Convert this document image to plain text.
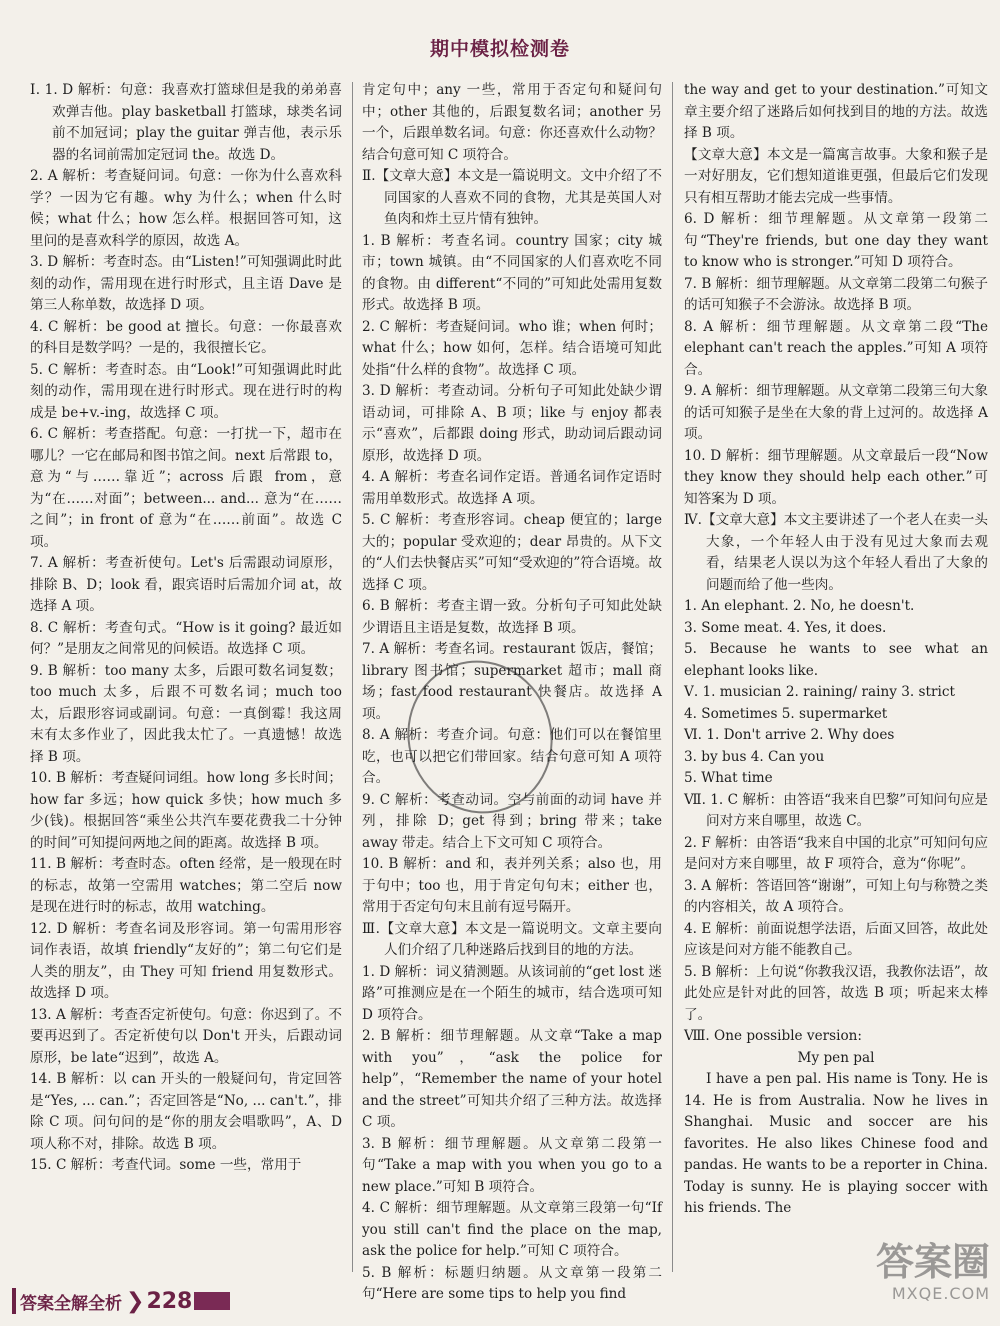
期中模拟检测卷

Ⅰ. 1. D 解析：句意：我喜欢打篮球但是我的弟弟喜欢弹吉他。play basketball 打篮球，球类名词前不加冠词；play the guitar 弹吉他，表示乐器的名词前需加定冠词 the。故选 D。

2. A 解析：考查疑问词。句意：一你为什么喜欢科学？一因为它有趣。why 为什么；when 什么时候；what 什么；how 怎么样。根据回答可知，这里问的是喜欢科学的原因，故选 A。

3. D 解析：考查时态。由“Listen!”可知强调此时此刻的动作，需用现在进行时形式，且主语 Dave 是第三人称单数，故选择 D 项。

4. C 解析：be good at 擅长。句意：一你最喜欢的科目是数学吗？一是的，我很擅长它。

5. C 解析：考查时态。由“Look!”可知强调此时此刻的动作，需用现在进行时形式。现在进行时的构成是 be+v.-ing，故选择 C 项。

6. C 解析：考查搭配。句意：一打扰一下，超市在哪儿？一它在邮局和图书馆之间。next 后常跟 to，意为“与……靠近”；across 后跟 from，意为“在……对面”；between... and... 意为“在……之间”；in front of 意为“在……前面”。故选 C 项。

7. A 解析：考查祈使句。Let's 后需跟动词原形，排除 B、D；look 看，跟宾语时后需加介词 at，故选择 A 项。

8. C 解析：考查句式。“How is it going? 最近如何？”是朋友之间常见的问候语。故选择 C 项。

9. B 解析：too many 太多，后跟可数名词复数；too much 太多，后跟不可数名词；much too 太，后跟形容词或副词。句意：一真倒霉！我这周末有太多作业了，因此我太忙了。一真遗憾！故选择 B 项。

10. B 解析：考查疑问词组。how long 多长时间；how far 多远；how quick 多快；how much 多少(钱)。根据回答“乘坐公共汽车要花费我二十分钟的时间”可知提问两地之间的距离。故选择 B 项。

11. B 解析：考查时态。often 经常，是一般现在时的标志，故第一空需用 watches；第二空后 now 是现在进行时的标志，故用 watching。

12. D 解析：考查名词及形容词。第一句需用形容词作表语，故填 friendly“友好的”；第二句它们是人类的朋友”，由 They 可知 friend 用复数形式。故选择 D 项。

13. A 解析：考查否定祈使句。句意：你迟到了。不要再迟到了。否定祈使句以 Don't 开头，后跟动词原形，be late“迟到”，故选 A。

14. B 解析：以 can 开头的一般疑问句，肯定回答是“Yes, ... can.”；否定回答是“No, ... can't.”，排除 C 项。问句问的是“你的朋友会唱歌吗”，A、D 项人称不对，排除。故选 B 项。

15. C 解析：考查代词。some 一些，常用于

肯定句中；any 一些，常用于否定句和疑问句中；other 其他的，后跟复数名词；another 另一个，后跟单数名词。句意：你还喜欢什么动物？结合句意可知 C 项符合。

Ⅱ.【文章大意】本文是一篇说明文。文中介绍了不同国家的人喜欢不同的食物，尤其是英国人对鱼肉和炸土豆片情有独钟。

1. B 解析：考查名词。country 国家；city 城市；town 城镇。由“不同国家的人们喜欢吃不同的食物。由 different“不同的”可知此处需用复数形式。故选择 B 项。

2. C 解析：考查疑问词。who 谁；when 何时；what 什么；how 如何，怎样。结合语境可知此处指“什么样的食物”。故选择 C 项。

3. D 解析：考查动词。分析句子可知此处缺少谓语动词，可排除 A、B 项；like 与 enjoy 都表示“喜欢”，后都跟 doing 形式，助动词后跟动词原形，故选择 D 项。

4. A 解析：考查名词作定语。普通名词作定语时需用单数形式。故选择 A 项。

5. C 解析：考查形容词。cheap 便宜的；large 大的；popular 受欢迎的；dear 昂贵的。从下文的“人们去快餐店买”可知“受欢迎的”符合语境。故选择 C 项。

6. B 解析：考查主谓一致。分析句子可知此处缺少谓语且主语是复数，故选择 B 项。

7. A 解析：考查名词。restaurant 饭店，餐馆；library 图书馆；supermarket 超市；mall 商场；fast food restaurant 快餐店。故选择 A 项。

8. A 解析：考查介词。句意：他们可以在餐馆里吃，也可以把它们带回家。结合句意可知 A 项符合。

9. C 解析：考查动词。空与前面的动词 have 并列，排除 D；get 得到；bring 带来；take away 带走。结合上下文可知 C 项符合。

10. B 解析：and 和，表并列关系；also 也，用于句中；too 也，用于肯定句句末；either 也，常用于否定句句末且前有逗号隔开。

Ⅲ.【文章大意】本文是一篇说明文。文章主要向人们介绍了几种迷路后找到目的地的方法。

1. D 解析：词义猜测题。从该词前的“get lost 迷路”可推测应是在一个陌生的城市，结合选项可知 D 项符合。

2. B 解析：细节理解题。从文章“Take a map with you”，“ask the police for help”，“Remember the name of your hotel and the street”可知共介绍了三种方法。故选择 C 项。

3. B 解析：细节理解题。从文章第二段第一句“Take a map with you when you go to a new place.”可知 B 项符合。

4. C 解析：细节理解题。从文章第三段第一句“If you still can't find the place on the map, ask the police for help.”可知 C 项符合。

5. B 解析：标题归纳题。从文章第一段第二句“Here are some tips to help you find

the way and get to your destination.”可知文章主要介绍了迷路后如何找到目的地的方法。故选择 B 项。

【文章大意】本文是一篇寓言故事。大象和猴子是一对好朋友，它们想知道谁更强，但最后它们发现只有相互帮助才能去完成一些事情。

6. D 解析：细节理解题。从文章第一段第二句“They're friends, but one day they want to know who is stronger.”可知 D 项符合。

7. B 解析：细节理解题。从文章第二段第二句猴子的话可知猴子不会游泳。故选择 B 项。

8. A 解析：细节理解题。从文章第二段“The elephant can't reach the apples.”可知 A 项符合。

9. A 解析：细节理解题。从文章第二段第三句大象的话可知猴子是坐在大象的背上过河的。故选择 A 项。

10. D 解析：细节理解题。从文章最后一段“Now they know they should help each other.”可知答案为 D 项。

Ⅳ.【文章大意】本文主要讲述了一个老人在卖一头大象，一个年轻人由于没有见过大象而去观看，结果老人误以为这个年轻人看出了大象的问题而给了他一些肉。

1. An elephant. 2. No, he doesn't.

3. Some meat. 4. Yes, it does.

5. Because he wants to see what an elephant looks like.

Ⅴ. 1. musician 2. raining/ rainy 3. strict

4. Sometimes 5. supermarket

Ⅵ. 1. Don't arrive 2. Why does

3. by bus 4. Can you

5. What time

Ⅶ. 1. C 解析：由答语“我来自巴黎”可知问句应是问对方来自哪里，故选 C。

2. F 解析：由答语“我来自中国的北京”可知问句应是问对方来自哪里，故 F 项符合，意为“你呢”。

3. A 解析：答语回答“谢谢”，可知上句与称赞之类的内容相关，故 A 项符合。

4. E 解析：前面说想学法语，后面又回答，故此处应该是问对方能不能教自己。

5. B 解析：上句说“你教我汉语，我教你法语”，故此处应是针对此的回答，故选 B 项；听起来太棒了。

Ⅷ. One possible version:

My pen pal

I have a pen pal. His name is Tony. He is 14. He is from Australia. Now he lives in Shanghai. Music and soccer are his favorites. He also likes Chinese food and pandas. He wants to be a reporter in China. Today is sunny. He is playing soccer with his friends. The

答案全解全析 ❯ 228
答案圈
MXQE.COM
